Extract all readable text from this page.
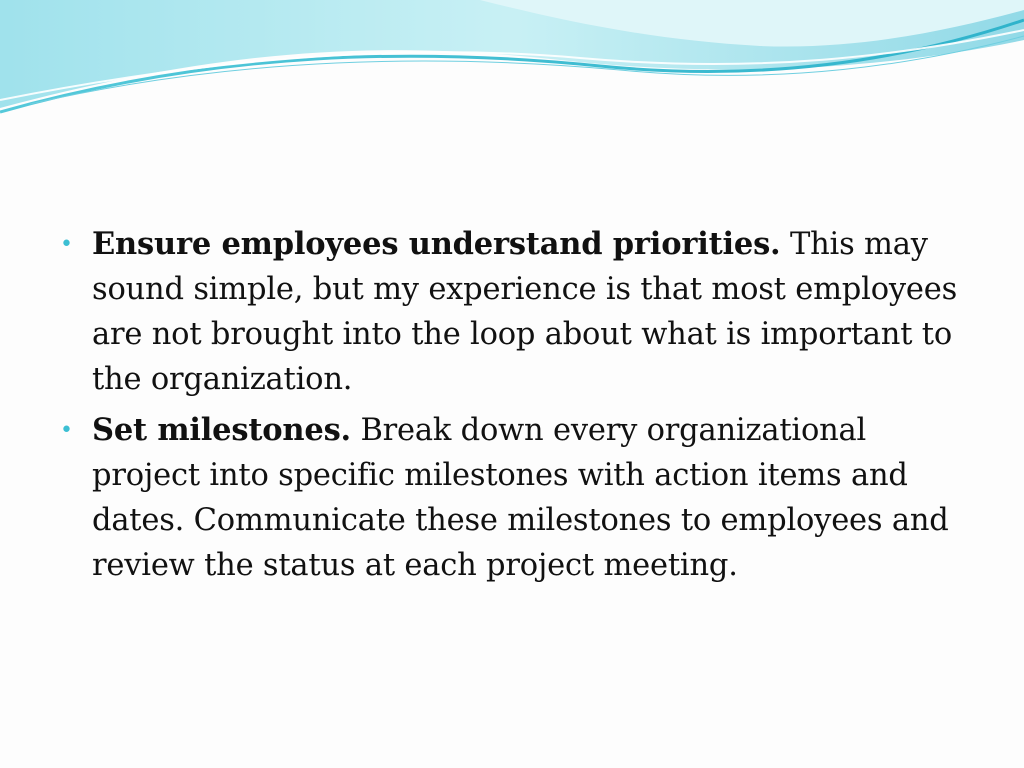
• Ensure employees understand priorities. This may sound simple, but my experience is that most employees are not brought into the loop about what is important to the organization.
• Set milestones. Break down every organizational project into specific milestones with action items and dates. Communicate these milestones to employees and review the status at each project meeting.
